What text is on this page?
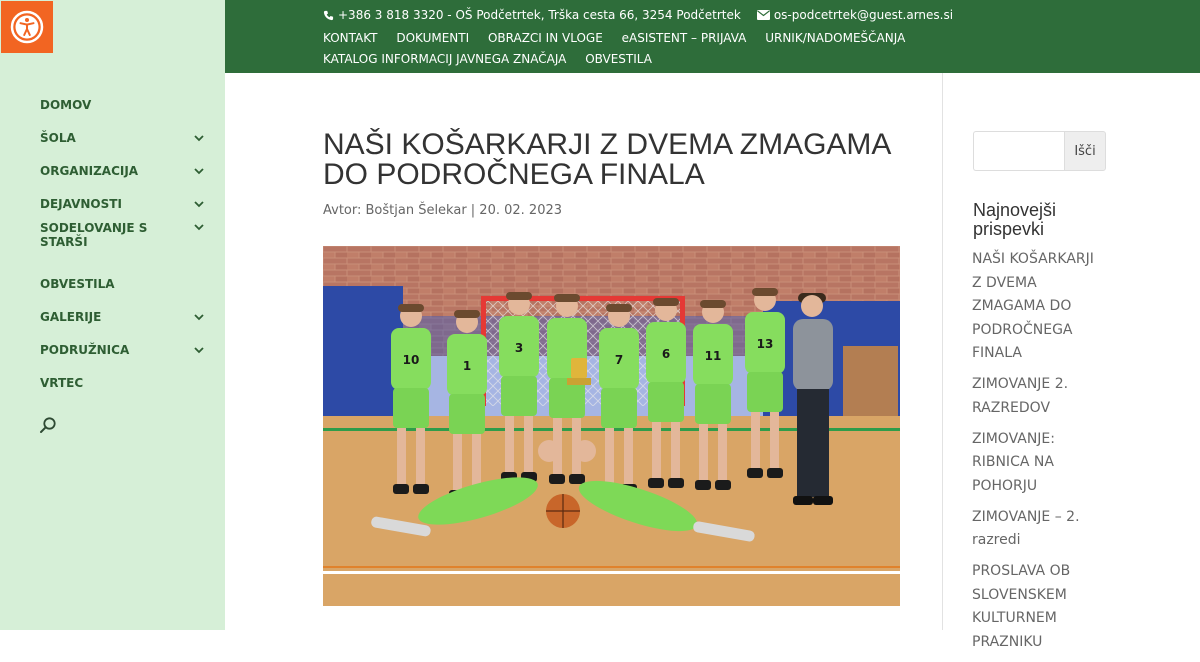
DOMOV
ŠOLA
ORGANIZACIJA
DEJAVNOSTI
SODELOVANJE S STARŠI
OBVESTILA
GALERIJE
PODRUŽNICA
VRTEC
+386 3 818 3320 - OŠ Podčetrtek, Trška cesta 66, 3254 Podčetrtek	os-podcetrtek@guest.arnes.si
KONTAKT DOKUMENTI OBRAZCI IN VLOGE eASISTENT – PRIJAVA URNIK/NADOMEŠČANJA KATALOG INFORMACIJ JAVNEGA ZNAČAJA OBVESTILA
NAŠI KOŠARKARJI Z DVEMA ZMAGAMA DO PODROČNEGA FINALA
Avtor: Boštjan Šelekar | 20. 02. 2023
10	1
3
7	6	11
13
Išči
Najnovejši prispevki
NAŠI KOŠARKARJI Z DVEMA ZMAGAMA DO PODROČNEGA FINALA
ZIMOVANJE 2. RAZREDOV
ZIMOVANJE: RIBNICA NA POHORJU
ZIMOVANJE – 2. razredi
PROSLAVA OB SLOVENSKEM KULTURNEM PRAZNIKU
